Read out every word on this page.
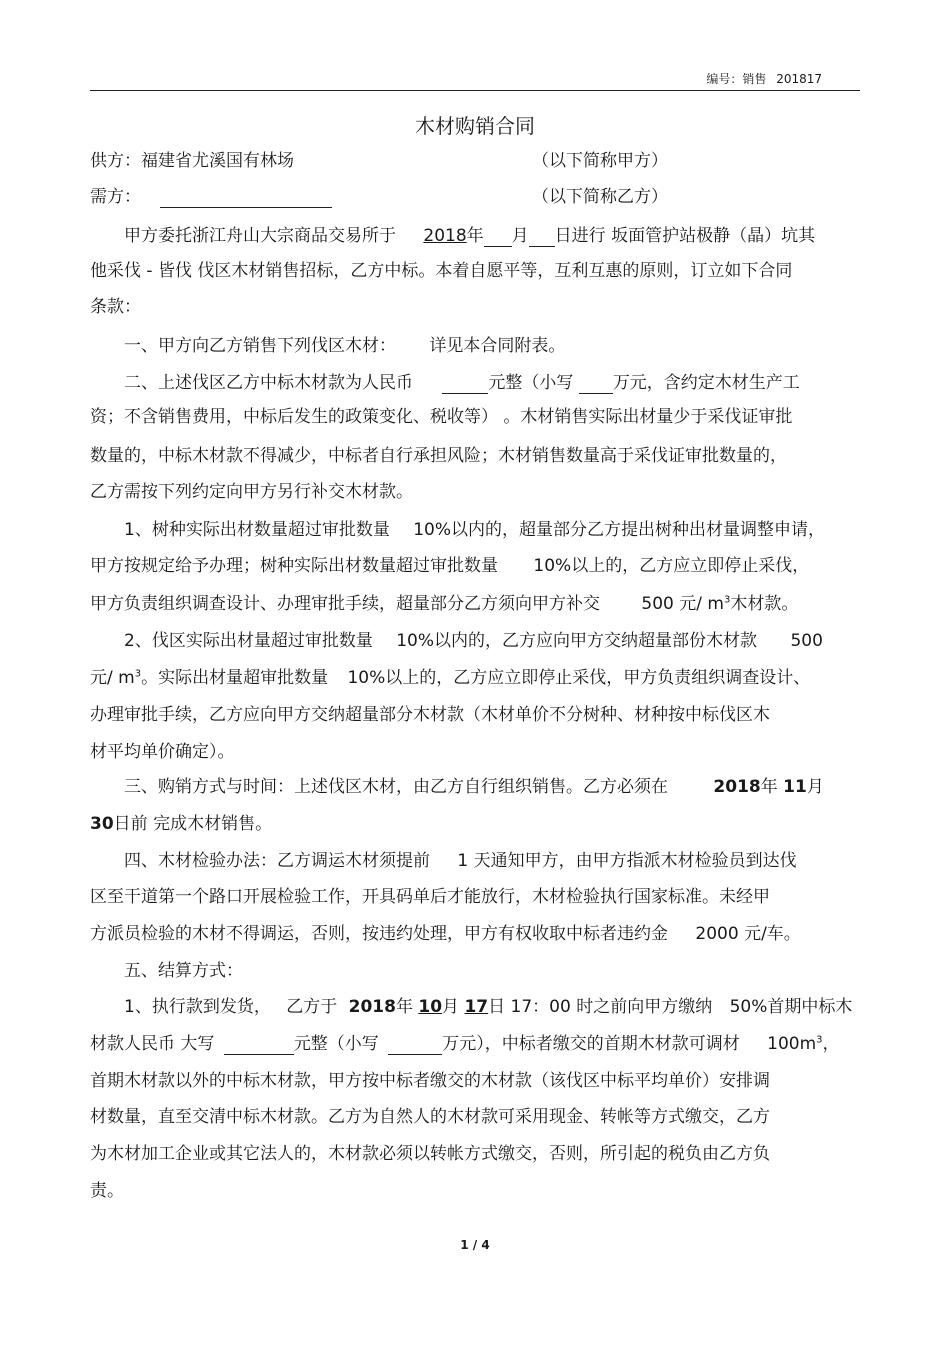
编号：销售 201817
木材购销合同
供方：福建省尤溪国有林场	（以下简称甲方）
需方：	（以下简称乙方）
甲方委托浙江舟山大宗商品交易所于 2018年 月 日进行 坂面管护站极静（晶）坑其
他采伐 - 皆伐 伐区木材销售招标，乙方中标。本着自愿平等，互利互惠的原则，订立如下合同
条款：
一、甲方向乙方销售下列伐区木材： 详见本合同附表。
二、上述伐区乙方中标木材款为人民币	元整（小写 万元，含约定木材生产工
资；不含销售费用，中标后发生的政策变化、税收等） 。木材销售实际出材量少于采伐证审批
数量的，中标木材款不得减少，中标者自行承担风险；木材销售数量高于采伐证审批数量的，
乙方需按下列约定向甲方另行补交木材款。
1、树种实际出材数量超过审批数量 10%以内的，超量部分乙方提出树种出材量调整申请，
甲方按规定给予办理；树种实际出材数量超过审批数量 10%以上的，乙方应立即停止采伐，
甲方负责组织调查设计、办理审批手续，超量部分乙方须向甲方补交 500 元/ $m^3$木材款。
2、伐区实际出材量超过审批数量 10%以内的，乙方应向甲方交纳超量部份木材款 500
元/ $m^3$。实际出材量超审批数量 10%以上的，乙方应立即停止采伐，甲方负责组织调查设计、
办理审批手续，乙方应向甲方交纳超量部分木材款（木材单价不分树种、材种按中标伐区木
材平均单价确定）。
三、购销方式与时间：上述伐区木材，由乙方自行组织销售。乙方必须在	2018年 11月
30日前 完成木材销售。
四、木材检验办法：乙方调运木材须提前 1 天通知甲方，由甲方指派木材检验员到达伐
区至干道第一个路口开展检验工作，开具码单后才能放行，木材检验执行国家标准。未经甲
方派员检验的木材不得调运，否则，按违约处理，甲方有权收取中标者违约金 2000 元/车。
五、结算方式：
1、执行款到发货， 乙方于 2018年 10月 17日 17：00 时之前向甲方缴纳 50%首期中标木
材款人民币 大写	元整（小写	万元），中标者缴交的首期木材款可调材 $100m^3$，
首期木材款以外的中标木材款，甲方按中标者缴交的木材款（该伐区中标平均单价）安排调
材数量，直至交清中标木材款。乙方为自然人的木材款可采用现金、转帐等方式缴交，乙方
为木材加工企业或其它法人的，木材款必须以转帐方式缴交，否则，所引起的税负由乙方负
责。
1 / 4
